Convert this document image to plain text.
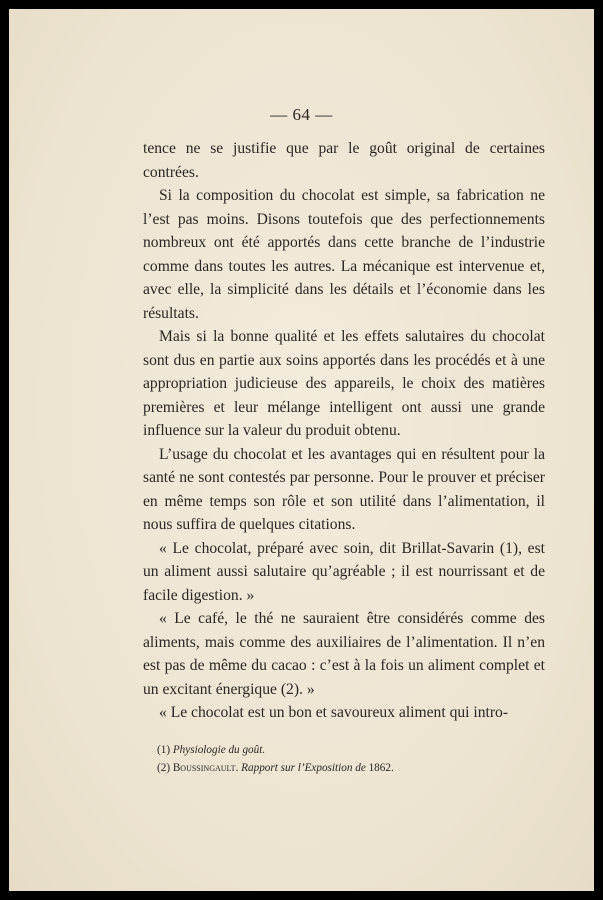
— 64 —

tence ne se justifie que par le goût original de certaines contrées.

Si la composition du chocolat est simple, sa fabrication ne l’est pas moins. Disons toutefois que des perfectionnements nombreux ont été apportés dans cette branche de l’industrie comme dans toutes les autres. La mécanique est intervenue et, avec elle, la simplicité dans les détails et l’économie dans les résultats.

Mais si la bonne qualité et les effets salutaires du chocolat sont dus en partie aux soins apportés dans les procédés et à une appropriation judicieuse des appareils, le choix des matières premières et leur mélange intelligent ont aussi une grande influence sur la valeur du produit obtenu.

L’usage du chocolat et les avantages qui en résultent pour la santé ne sont contestés par personne. Pour le prouver et préciser en même temps son rôle et son utilité dans l’alimentation, il nous suffira de quelques citations.

« Le chocolat, préparé avec soin, dit Brillat-Savarin (1), est un aliment aussi salutaire qu’agréable ; il est nourrissant et de facile digestion. »

« Le café, le thé ne sauraient être considérés comme des aliments, mais comme des auxiliaires de l’alimentation. Il n’en est pas de même du cacao : c’est à la fois un aliment complet et un excitant énergique (2). »

« Le chocolat est un bon et savoureux aliment qui intro-

(1) Physiologie du goût.

(2) Boussingault. Rapport sur l’Exposition de 1862.
